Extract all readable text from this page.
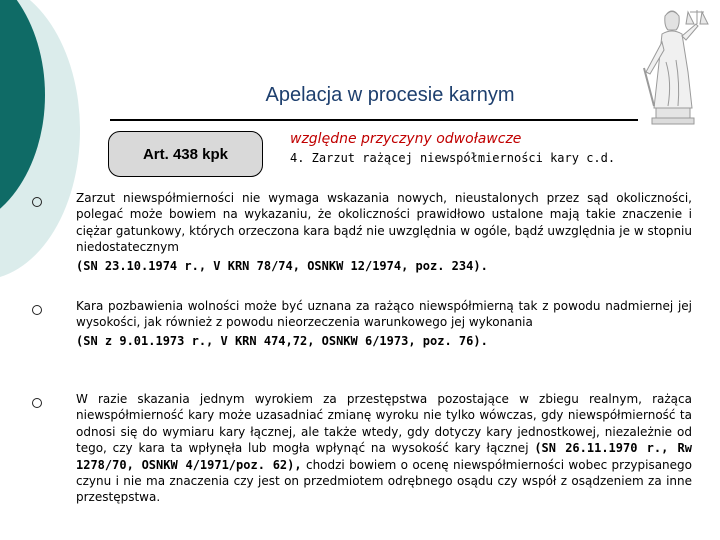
Apelacja w procesie karnym
Art. 438 kpk
względne przyczyny odwoławcze
4. Zarzut rażącej niewspółmierności kary c.d.
Zarzut niewspółmierności nie wymaga wskazania nowych, nieustalonych przez sąd okoliczności, polegać może bowiem na wykazaniu, że okoliczności prawidłowo ustalone mają takie znaczenie i ciężar gatunkowy, których orzeczona kara bądź nie uwzględnia w ogóle, bądź uwzględnia je w stopniu niedostatecznym
(SN 23.10.1974 r., V KRN 78/74, OSNKW 12/1974, poz. 234).
Kara pozbawienia wolności może być uznana za rażąco niewspółmierną tak z powodu nadmiernej jej wysokości, jak również z powodu nieorzeczenia warunkowego jej wykonania
(SN z 9.01.1973 r., V KRN 474,72, OSNKW 6/1973, poz. 76).
W razie skazania jednym wyrokiem za przestępstwa pozostające w zbiegu realnym, rażąca niewspółmierność kary może uzasadniać zmianę wyroku nie tylko wówczas, gdy niewspółmierność ta odnosi się do wymiaru kary łącznej, ale także wtedy, gdy dotyczy kary jednostkowej, niezależnie od tego, czy kara ta wpłynęła lub mogła wpłynąć na wysokość kary łącznej (SN 26.11.1970 r., Rw 1278/70, OSNKW 4/1971/poz. 62), chodzi bowiem o ocenę niewspółmierności wobec przypisanego czynu i nie ma znaczenia czy jest on przedmiotem odrębnego osądu czy współ z osądzeniem za inne przestępstwa.
